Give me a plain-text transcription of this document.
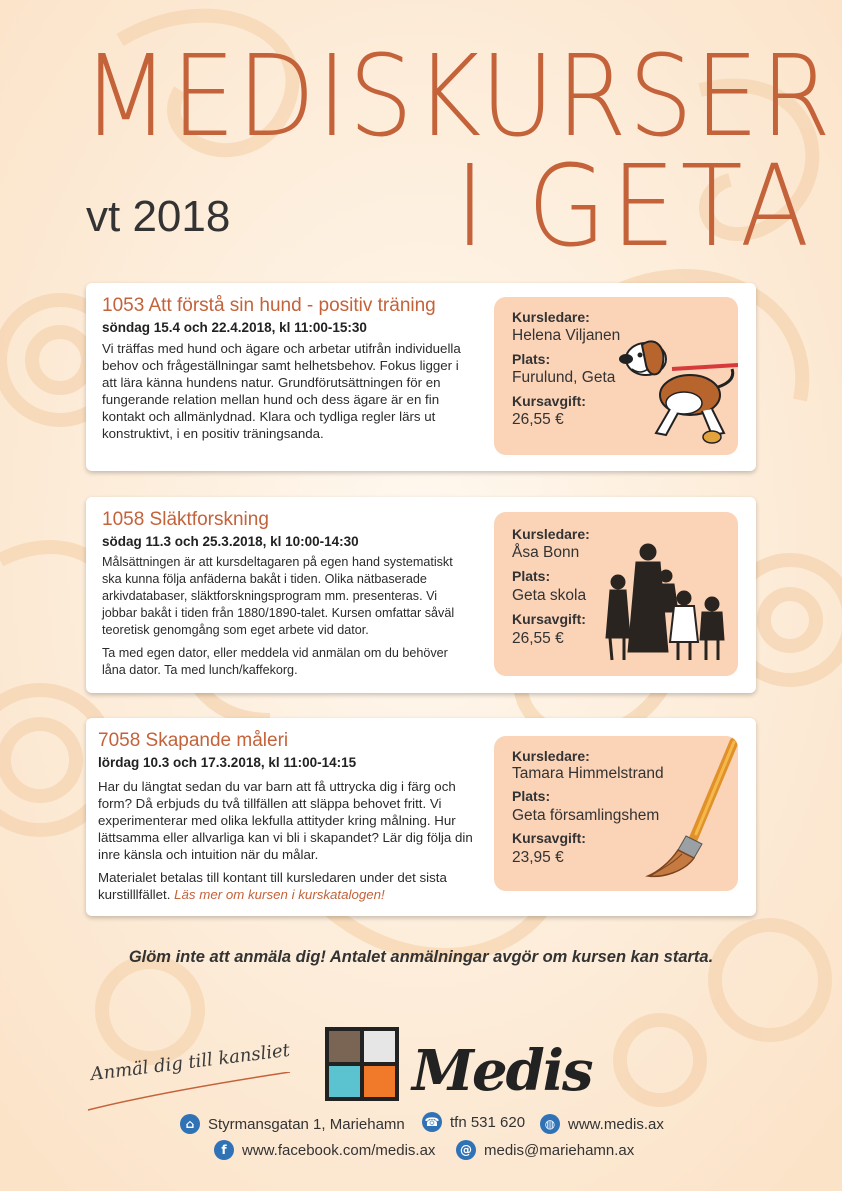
MEDISKURSER
I GETA
vt 2018
1053 Att förstå sin hund - positiv träning
söndag 15.4 och 22.4.2018, kl 11:00-15:30

Vi träffas med hund och ägare och arbetar utifrån individuella behov och frågeställningar samt helhetsbehov. Fokus ligger i att lära känna hundens natur. Grundförutsättningen för en fungerande relation mellan hund och dess ägare är en fin kontakt och allmänlydnad. Klara och tydliga regler lärs ut konstruktivt, i en positiv träningsanda.

Kursledare:
Helena Viljanen
Plats:
Furulund, Geta
Kursavgift:
26,55 €
1058 Släktforskning
södag 11.3 och 25.3.2018, kl 10:00-14:30

Målsättningen är att kursdeltagaren på egen hand systematiskt ska kunna följa anfäderna bakåt i tiden. Olika nätbaserade arkivdatabaser, släktforskningsprogram mm. presenteras. Vi jobbar bakåt i tiden från 1880/1890-talet. Kursen omfattar såväl teoretisk genomgång som eget arbete vid dator.

Ta med egen dator, eller meddela vid anmälan om du behöver låna dator. Ta med lunch/kaffekorg.

Kursledare:
Åsa Bonn
Plats:
Geta skola
Kursavgift:
26,55 €
7058 Skapande måleri
lördag 10.3 och 17.3.2018, kl 11:00-14:15

Har du längtat sedan du var barn att få uttrycka dig i färg och form? Då erbjuds du två tillfällen att släppa behovet fritt. Vi experimenterar med olika lekfulla attityder kring målning. Hur lättsamma eller allvarliga kan vi bli i skapandet? Lär dig följa din inre känsla och intuition när du målar.

Materialet betalas till kontant till kursledaren under det sista kurstilllfället. Läs mer om kursen i kurskatalogen!

Kursledare:
Tamara Himmelstrand
Plats:
Geta församlingshem
Kursavgift:
23,95 €
Glöm inte att anmäla dig! Antalet anmälningar avgör om kursen kan starta.
Anmäl dig till kansliet Medis
⌂ Styrmansgatan 1, Mariehamn ☎ tfn 531 620	◍ www.medis.ax
f	www.facebook.com/medis.ax	@ medis@mariehamn.ax
